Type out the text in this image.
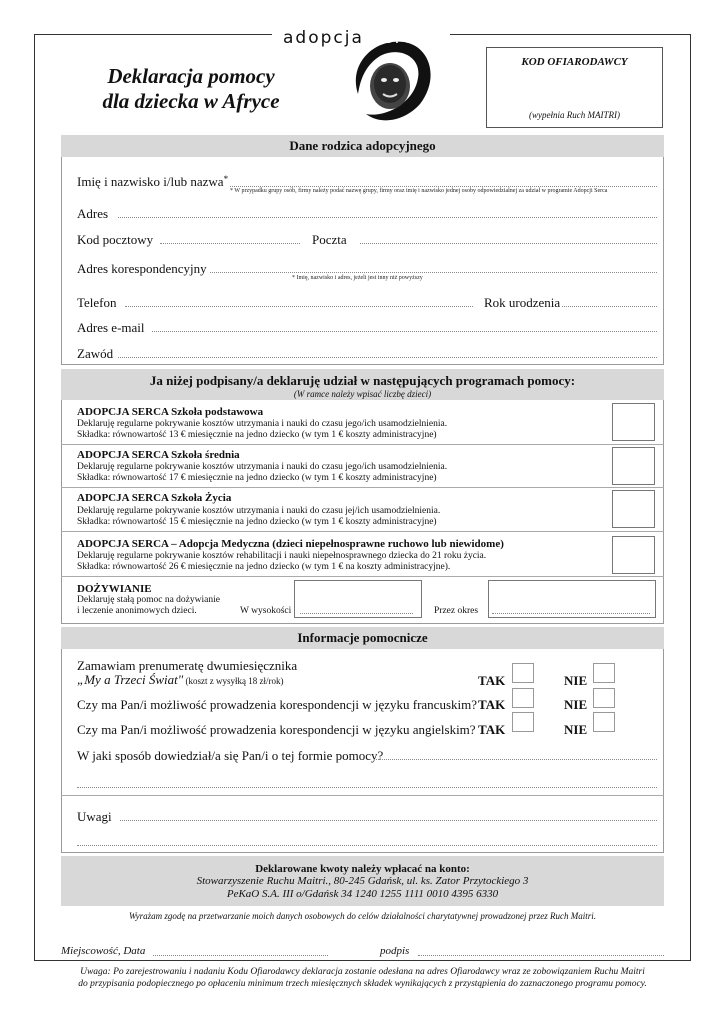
adopcja serca
Deklaracja pomocy
dla dziecka w Afryce
KOD OFIARODAWCY
(wypełnia Ruch MAITRI)
Dane rodzica adopcyjnego
Imię i nazwisko i/lub nazwa*
* W przypadku grupy osób, firmy należy podać nazwę grupy, firmy oraz imię i nazwisko jednej osoby odpowiedzialnej za udział w programie Adopcji Serca
Adres
Kod pocztowy	Poczta
Adres korespondencyjny
* Imię, nazwisko i adres, jeżeli jest inny niż powyższy
Telefon	Rok urodzenia
Adres e-mail
Zawód
Ja niżej podpisany/a deklaruję udział w następujących programach pomocy:
(W ramce należy wpisać liczbę dzieci)
ADOPCJA SERCA Szkoła podstawowa
Deklaruję regularne pokrywanie kosztów utrzymania i nauki do czasu jego/ich usamodzielnienia.
Składka: równowartość 13 € miesięcznie na jedno dziecko (w tym 1 € koszty administracyjne)
ADOPCJA SERCA Szkoła średnia
Deklaruję regularne pokrywanie kosztów utrzymania i nauki do czasu jego/ich usamodzielnienia.
Składka: równowartość 17 € miesięcznie na jedno dziecko (w tym 1 € koszty administracyjne)
ADOPCJA SERCA Szkoła Życia
Deklaruję regularne pokrywanie kosztów utrzymania i nauki do czasu jej/ich usamodzielnienia.
Składka: równowartość 15 € miesięcznie na jedno dziecko (w tym 1 € koszty administracyjne)
ADOPCJA SERCA – Adopcja Medyczna (dzieci niepełnosprawne ruchowo lub niewidome)
Deklaruję regularne pokrywanie kosztów rehabilitacji i nauki niepełnosprawnego dziecka do 21 roku życia.
Składka: równowartość 26 € miesięcznie na jedno dziecko (w tym 1 € na koszty administracyjne).
DOŻYWIANIE
Deklaruję stałą pomoc na dożywianie
i leczenie anonimowych dzieci.	W wysokości	Przez okres
Informacje pomocnicze
Zamawiam prenumeratę dwumiesięcznika
„My a Trzeci Świat" (koszt z wysyłką 18 zł/rok)	TAK	NIE
Czy ma Pan/i możliwość prowadzenia korespondencji w języku francuskim? TAK	NIE
Czy ma Pan/i możliwość prowadzenia korespondencji w języku angielskim? TAK	NIE
W jaki sposób dowiedział/a się Pan/i o tej formie pomocy?
Uwagi
Deklarowane kwoty należy wpłacać na konto:
Stowarzyszenie Ruchu Maitri., 80-245 Gdańsk, ul. ks. Zator Przytockiego 3
PeKaO S.A. III o/Gdańsk 34 1240 1255 1111 0010 4395 6330
Wyrażam zgodę na przetwarzanie moich danych osobowych do celów działalności charytatywnej prowadzonej przez Ruch Maitri.
Miejscowość, Data	podpis
Uwaga: Po zarejestrowaniu i nadaniu Kodu Ofiarodawcy deklaracja zostanie odesłana na adres Ofiarodawcy wraz ze zobowiązaniem Ruchu Maitri
do przypisania podopiecznego po opłaceniu minimum trzech miesięcznych składek wynikających z przystąpienia do zaznaczonego programu pomocy.
